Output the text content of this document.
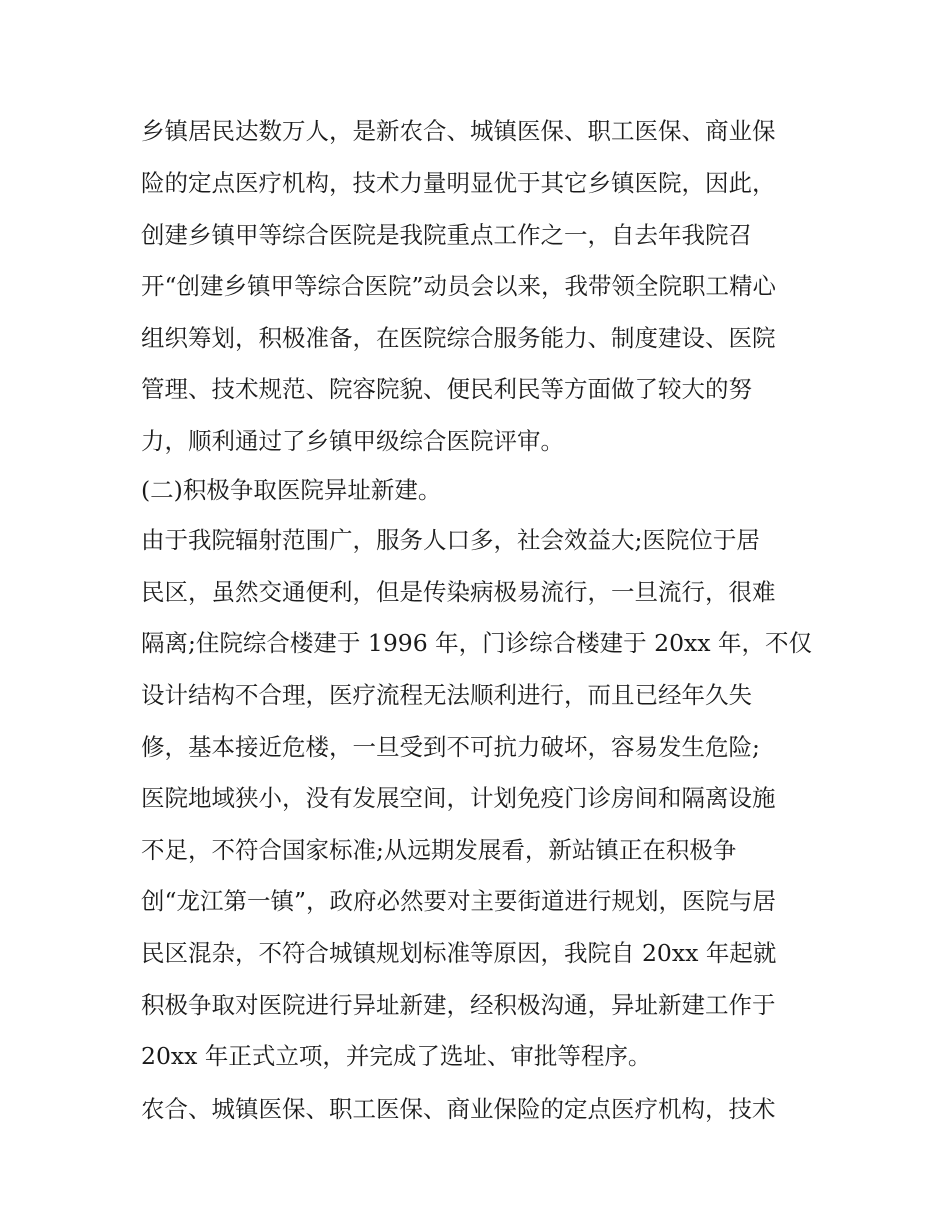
乡镇居民达数万人，是新农合、城镇医保、职工医保、商业保
险的定点医疗机构，技术力量明显优于其它乡镇医院，因此，
创建乡镇甲等综合医院是我院重点工作之一，自去年我院召
开“创建乡镇甲等综合医院”动员会以来，我带领全院职工精心
组织筹划，积极准备，在医院综合服务能力、制度建设、医院
管理、技术规范、院容院貌、便民利民等方面做了较大的努
力，顺利通过了乡镇甲级综合医院评审。
(二)积极争取医院异址新建。
由于我院辐射范围广，服务人口多，社会效益大;医院位于居
民区，虽然交通便利，但是传染病极易流行，一旦流行，很难
隔离;住院综合楼建于 1996 年，门诊综合楼建于 20xx 年，不仅
设计结构不合理，医疗流程无法顺利进行，而且已经年久失
修，基本接近危楼，一旦受到不可抗力破坏，容易发生危险;
医院地域狭小，没有发展空间，计划免疫门诊房间和隔离设施
不足，不符合国家标准;从远期发展看，新站镇正在积极争
创“龙江第一镇”，政府必然要对主要街道进行规划，医院与居
民区混杂，不符合城镇规划标准等原因，我院自 20xx 年起就
积极争取对医院进行异址新建，经积极沟通，异址新建工作于
20xx 年正式立项，并完成了选址、审批等程序。
农合、城镇医保、职工医保、商业保险的定点医疗机构，技术
